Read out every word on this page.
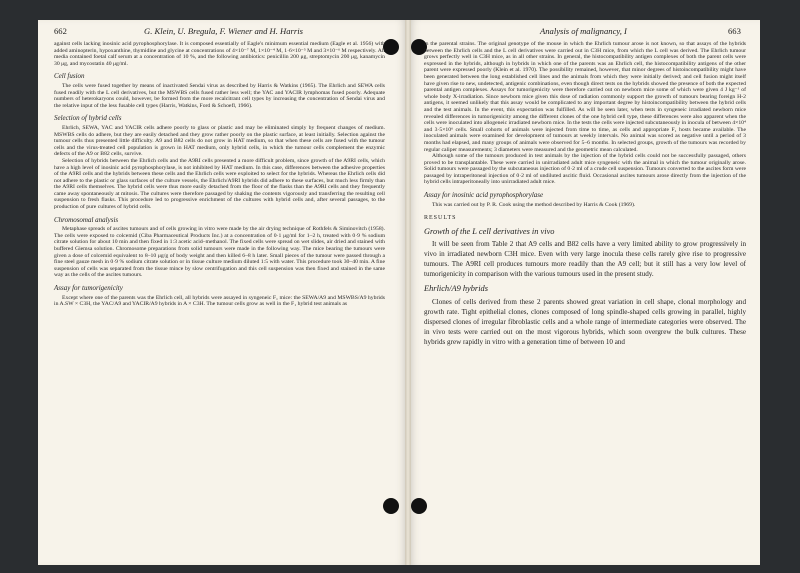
662	G. Klein, U. Bregula, F. Wiener and H. Harris	Analysis of malignancy, I	663

against cells lacking inosinic acid pyrophosphorylase. It is composed essentially of Eagle's minimum essential medium (Eagle et al. 1956) with added aminopterin, hypoxanthine, thymidine and glycine at concentrations of 4×10⁻⁷ M, 1×10⁻⁴ M, 1·6×10⁻⁵ M and 3×10⁻⁶ M respectively. All media contained foetal calf serum at a concentration of 10 %, and the following antibiotics: penicillin 200 μg, streptomycin 200 μg, kanamycin 30 μg, and mycostatin 40 μg/ml.

Cell fusion

The cells were fused together by means of inactivated Sendai virus as described by Harris & Watkins (1965). The Ehrlich and SEWA cells fused readily with the L cell derivatives, but the MSWBS cells fused rather less well; the YAC and YACIR lymphomas fused poorly. Adequate numbers of heterokaryons could, however, be formed from the more recalcitrant cell types by increasing the concentration of Sendai virus and the relative input of the less fusable cell types (Harris, Watkins, Ford & Schoefl, 1966).

Selection of hybrid cells

Ehrlich, SEWA, YAC and YACIR cells adhere poorly to glass or plastic and may be eliminated simply by frequent changes of medium. MSWBS cells do adhere, but they are easily detached and they grow rather poorly on the plastic surface, at least initially. Selection against the tumour cells thus presented little difficulty. A9 and B82 cells do not grow in HAT medium, so that when these cells are fused with the tumour cells and the virus-treated cell population is grown in HAT medium, only hybrid cells, in which the tumour cells complement the enzymic defects of the A9 or B82 cells, survive.

Selection of hybrids between the Ehrlich cells and the A9RI cells presented a more difficult problem, since growth of the A9RI cells, which have a high level of inosinic acid pyrophosphorylase, is not inhibited by HAT medium. In this case, differences between the adhesive properties of the A9RI cells and the hybrids between these cells and the Ehrlich cells were exploited to select for the hybrids. Whereas the Ehrlich cells did not adhere to the plastic or glass surfaces of the culture vessels, the Ehrlich/A9RI hybrids did adhere to these surfaces, but much less firmly than the A9RI cells themselves. The hybrid cells were thus more easily detached from the floor of the flasks than the A9RI cells and they frequently came away spontaneously at mitosis. The cultures were therefore passaged by shaking the contents vigorously and transferring the resulting cell suspension to fresh flasks. This procedure led to progressive enrichment of the cultures with hybrid cells and, after several passages, to the production of pure cultures of hybrid cells.

Chromosomal analysis

Metaphase spreads of ascites tumours and of cells growing in vitro were made by the air drying technique of Rothfels & Siminovitch (1958). The cells were exposed to colcemid (Ciba Pharmaceutical Products Inc.) at a concentration of 0·1 μg/ml for 1–2 h, treated with 0·9 % sodium citrate solution for about 10 min and then fixed in 1:3 acetic acid–methanol. The fixed cells were spread on wet slides, air dried and stained with buffered Giemsa solution. Chromosome preparations from solid tumours were made in the following way. The mice bearing the tumours were given a dose of colcemid equivalent to 8–10 μg/g of body weight and then killed 6–8 h later. Small pieces of the tumour were passed through a fine steel gauze mesh in 0·9 % sodium citrate solution or in tissue culture medium diluted 1:5 with water. This procedure took 30–40 min. A fine suspension of cells was separated from the tissue mince by slow centrifugation and this cell suspension was then fixed and stained in the same way as the cells of the ascites tumours.

Assay for tumorigenicity

Except where one of the parents was the Ehrlich cell, all hybrids were assayed in syngeneic F₁ mice: the SEWA/A9 and MSWBS/A9 hybrids in A.SW × C3H, the YAC/A9 and YACIR/A9 hybrids in A × C3H. The tumour cells grow as well in the F₁ hybrid test animals as

in the parental strains. The original genotype of the mouse in which the Ehrlich tumour arose is not known, so that assays of the hybrids between the Ehrlich cells and the L cell derivatives were carried out in C3H mice, from which the L cell was derived. The Ehrlich tumour grows perfectly well in C3H mice, as in all other strains. In general, the histocompatibility antigen complexes of both the parent cells were expressed in the hybrids, although in hybrids in which one of the parents was an Ehrlich cell, the histocompatibility antigens of the other parent were expressed poorly (Klein et al. 1970). The possibility remained, however, that minor degrees of histoincompatibility might have been generated between the long established cell lines and the animals from which they were initially derived; and cell fusion might itself have given rise to new, undetected, antigenic combinations, even though direct tests on the hybrids showed the presence of both the expected parental antigen complexes. Assays for tumorigenicity were therefore carried out on newborn mice some of which were given 4 J kg⁻¹ of whole body X-irradiation. Since newborn mice given this dose of radiation commonly support the growth of tumours bearing foreign H-2 antigens, it seemed unlikely that this assay would be complicated to any important degree by histoincompatibility between the hybrid cells and the test animals. In the event, this expectation was fulfilled. As will be seen later, when tests in syngeneic irradiated newborn mice revealed differences in tumorigenicity among the different clones of the one hybrid cell type, these differences were also apparent when the cells were inoculated into allogeneic irradiated newborn mice. In the tests the cells were injected subcutaneously in inocula of between 4×10⁴ and 3·5×10⁶ cells. Small cohorts of animals were injected from time to time, as cells and appropriate F₁ hosts became available. The inoculated animals were examined for development of tumours at weekly intervals. No animal was scored as negative until a period of 3 months had elapsed, and many groups of animals were observed for 5–6 months. In selected groups, growth of the tumours was recorded by regular caliper measurements; 3 diameters were measured and the geometric mean calculated.

Although some of the tumours produced in test animals by the injection of the hybrid cells could not be successfully passaged, others proved to be transplantable. These were carried in unirradiated adult mice syngeneic with the animal in which the tumour originally arose. Solid tumours were passaged by the subcutaneous injection of 0·2 ml of a crude cell suspension. Tumours converted to the ascites form were passaged by intraperitoneal injection of 0·2 ml of undiluted ascitic fluid. Occasional ascites tumours arose directly from the injection of the hybrid cells intraperitoneally into unirradiated adult mice.

Assay for inosinic acid pyrophosphorylase

This was carried out by P. R. Cook using the method described by Harris & Cook (1969).

RESULTS
Growth of the L cell derivatives in vivo

It will be seen from Table 2 that A9 cells and B82 cells have a very limited ability to grow progressively in vivo in irradiated newborn C3H mice. Even with very large inocula these cells rarely give rise to progressive tumours. The A9RI cell produces tumours more readily than the A9 cell; but it still has a very low level of tumorigenicity in comparison with the various tumours used in the present study.

Ehrlich/A9 hybrids

Clones of cells derived from these 2 parents showed great variation in cell shape, clonal morphology and growth rate. Tight epithelial clones, clones composed of long spindle-shaped cells growing in parallel, highly dispersed clones of irregular fibroblastic cells and a whole range of intermediate categories were observed. The in vivo tests were carried out on the most vigorous hybrids, which soon overgrew the bulk cultures. These hybrids grew rapidly in vitro with a generation time of between 10 and
